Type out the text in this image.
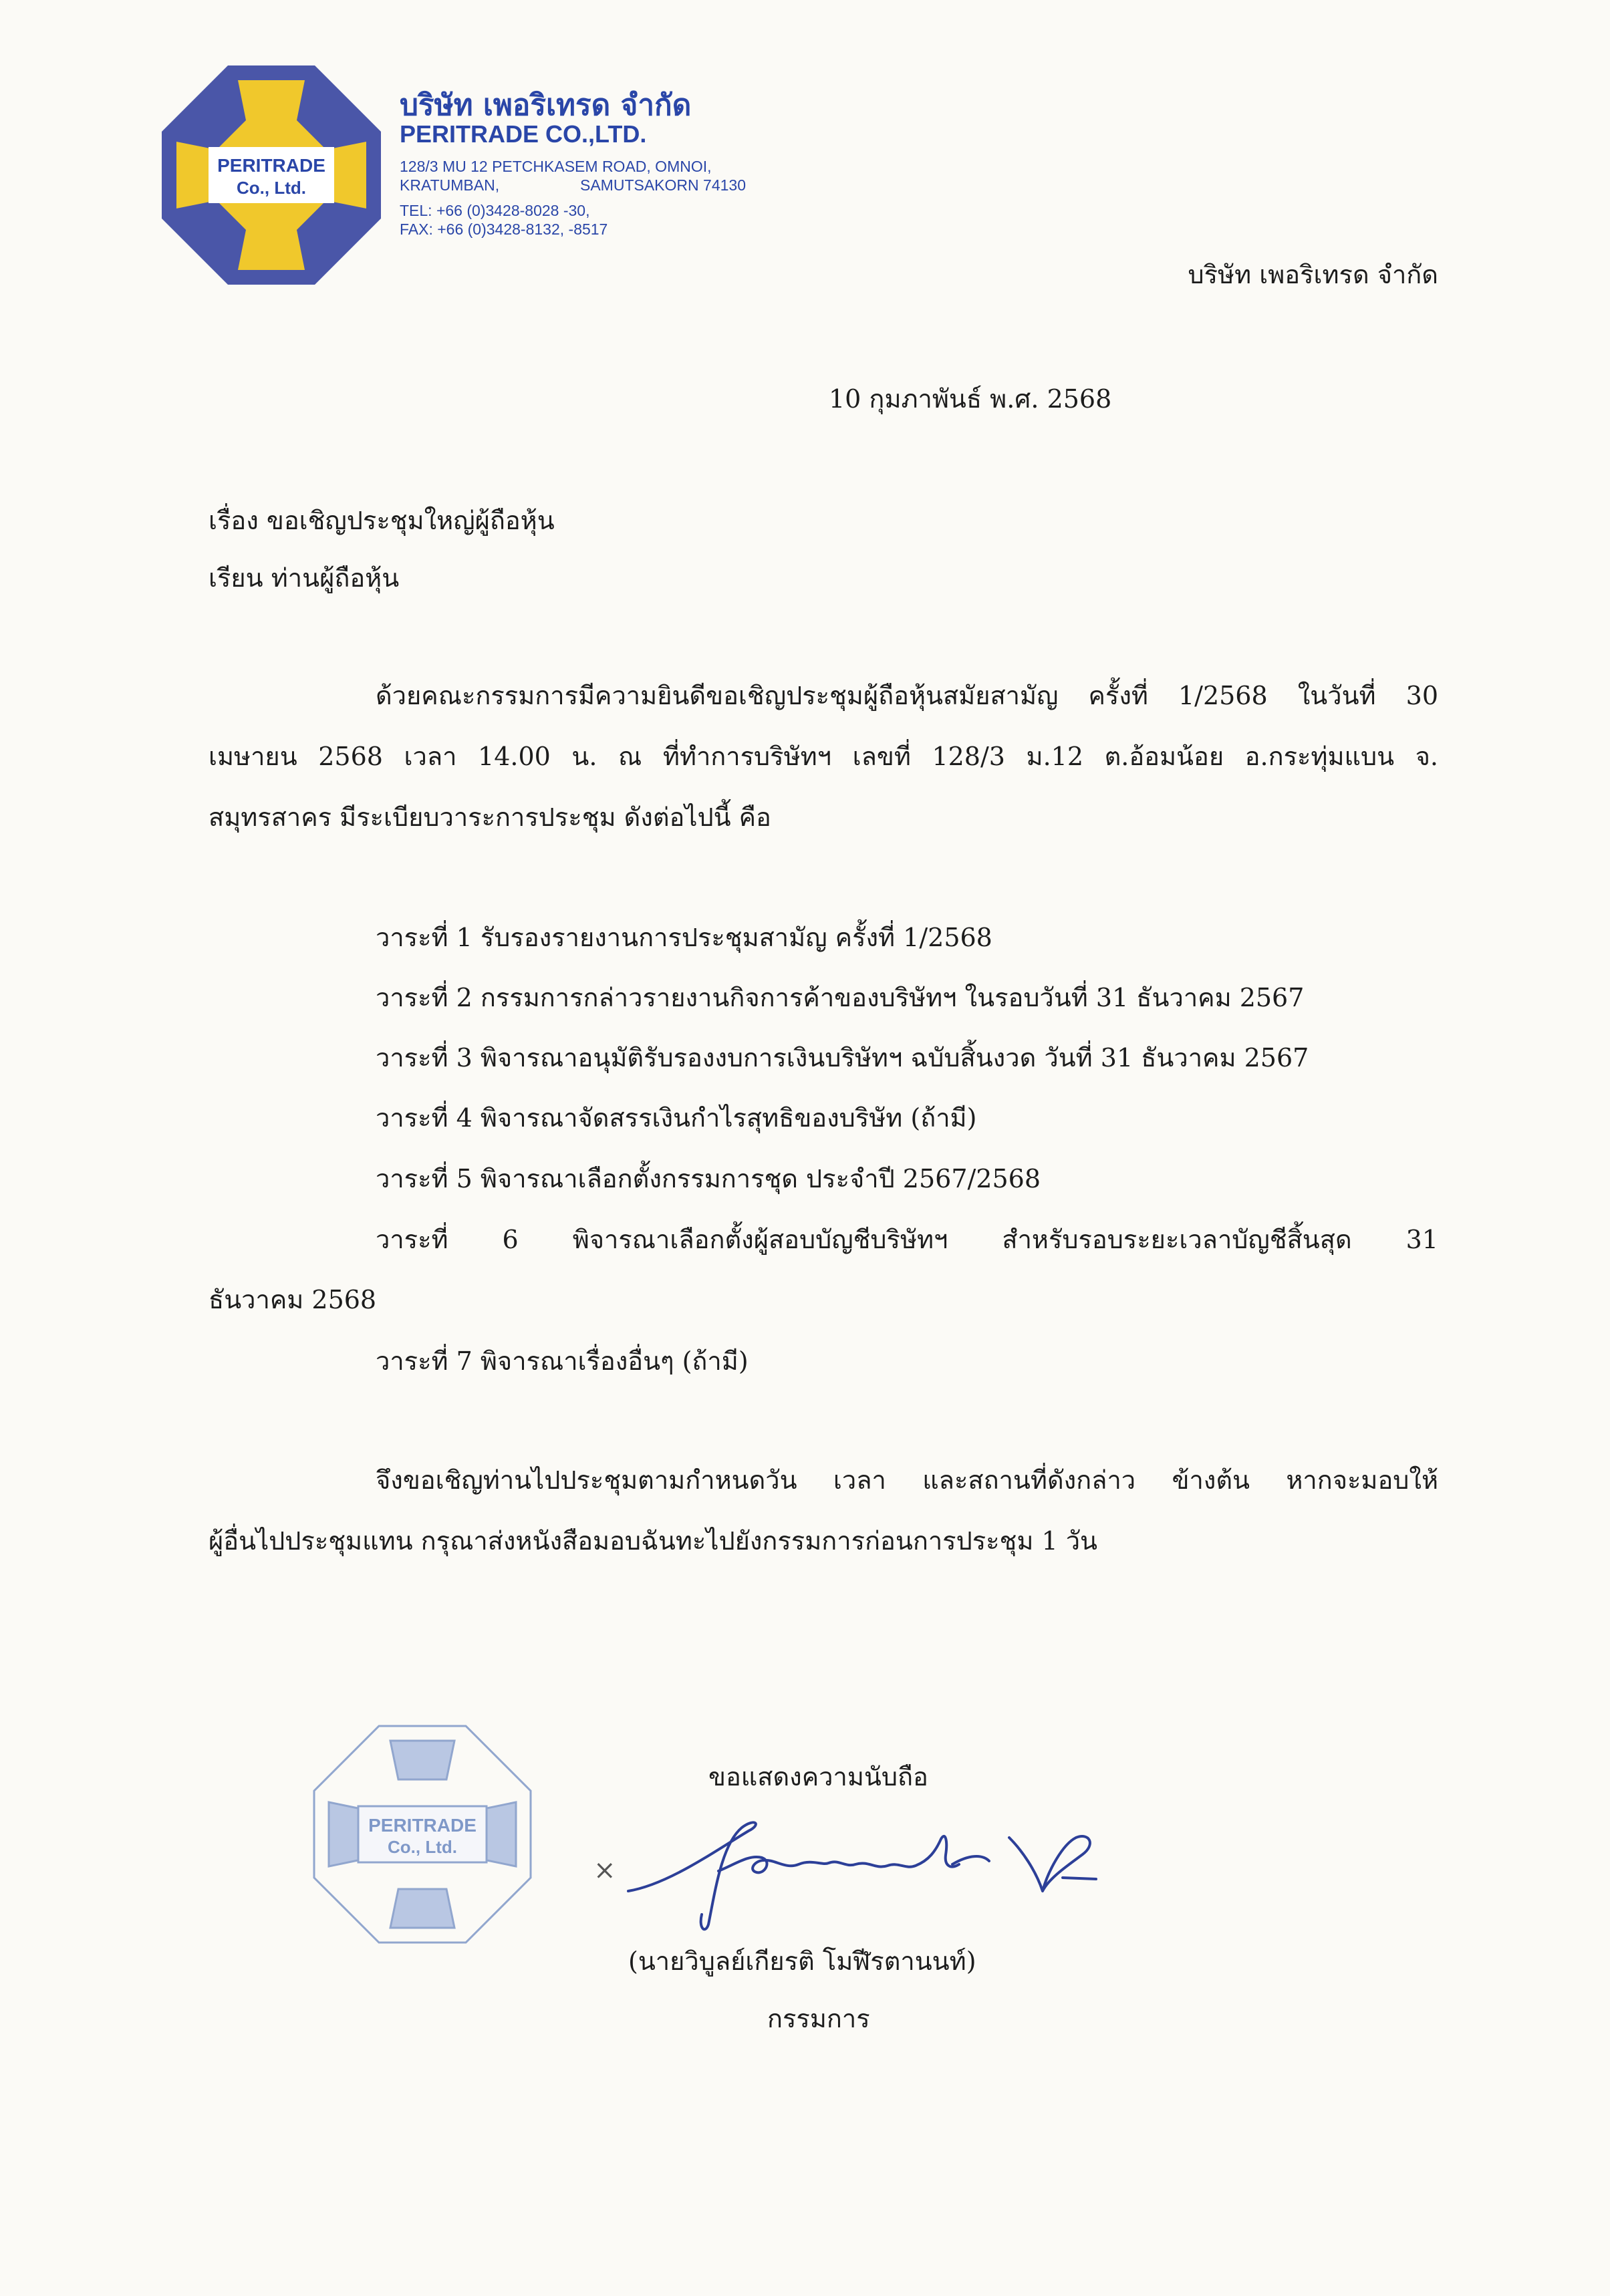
PERITRADE
Co., Ltd.
บริษัท เพอริเทรด จำกัด
PERITRADE CO.,LTD.
128/3 MU 12 PETCHKASEM ROAD, OMNOI,
KRATUMBAN,	SAMUTSAKORN 74130
TEL: +66 (0)3428-8028 -30,
FAX: +66 (0)3428-8132, -8517
บริษัท เพอริเทรด จำกัด
10 กุมภาพันธ์ พ.ศ. 2568
เรื่อง ขอเชิญประชุมใหญ่ผู้ถือหุ้น
เรียน ท่านผู้ถือหุ้น
ด้วยคณะกรรมการมีความยินดีขอเชิญประชุมผู้ถือหุ้นสมัยสามัญ ครั้งที่ 1/2568 ในวันที่ 30
เมษายน 2568 เวลา 14.00 น. ณ ที่ทำการบริษัทฯ เลขที่ 128/3 ม.12 ต.อ้อมน้อย อ.กระทุ่มแบน จ.
สมุทรสาคร มีระเบียบวาระการประชุม ดังต่อไปนี้ คือ
วาระที่ 1 รับรองรายงานการประชุมสามัญ ครั้งที่ 1/2568
วาระที่ 2 กรรมการกล่าวรายงานกิจการค้าของบริษัทฯ ในรอบวันที่ 31 ธันวาคม 2567
วาระที่ 3 พิจารณาอนุมัติรับรองงบการเงินบริษัทฯ ฉบับสิ้นงวด วันที่ 31 ธันวาคม 2567
วาระที่ 4 พิจารณาจัดสรรเงินกำไรสุทธิของบริษัท (ถ้ามี)
วาระที่ 5 พิจารณาเลือกตั้งกรรมการชุด ประจำปี 2567/2568
วาระที่ 6 พิจารณาเลือกตั้งผู้สอบบัญชีบริษัทฯ สำหรับรอบระยะเวลาบัญชีสิ้นสุด 31
ธันวาคม 2568
วาระที่ 7 พิจารณาเรื่องอื่นๆ (ถ้ามี)
จึงขอเชิญท่านไปประชุมตามกำหนดวัน เวลา และสถานที่ดังกล่าว ข้างต้น หากจะมอบให้
ผู้อื่นไปประชุมแทน กรุณาส่งหนังสือมอบฉันทะไปยังกรรมการก่อนการประชุม 1 วัน
ขอแสดงความนับถือ
PERITRADE
Co., Ltd.
×
(นายวิบูลย์เกียรติ โมฬีรตานนท์)
กรรมการ
